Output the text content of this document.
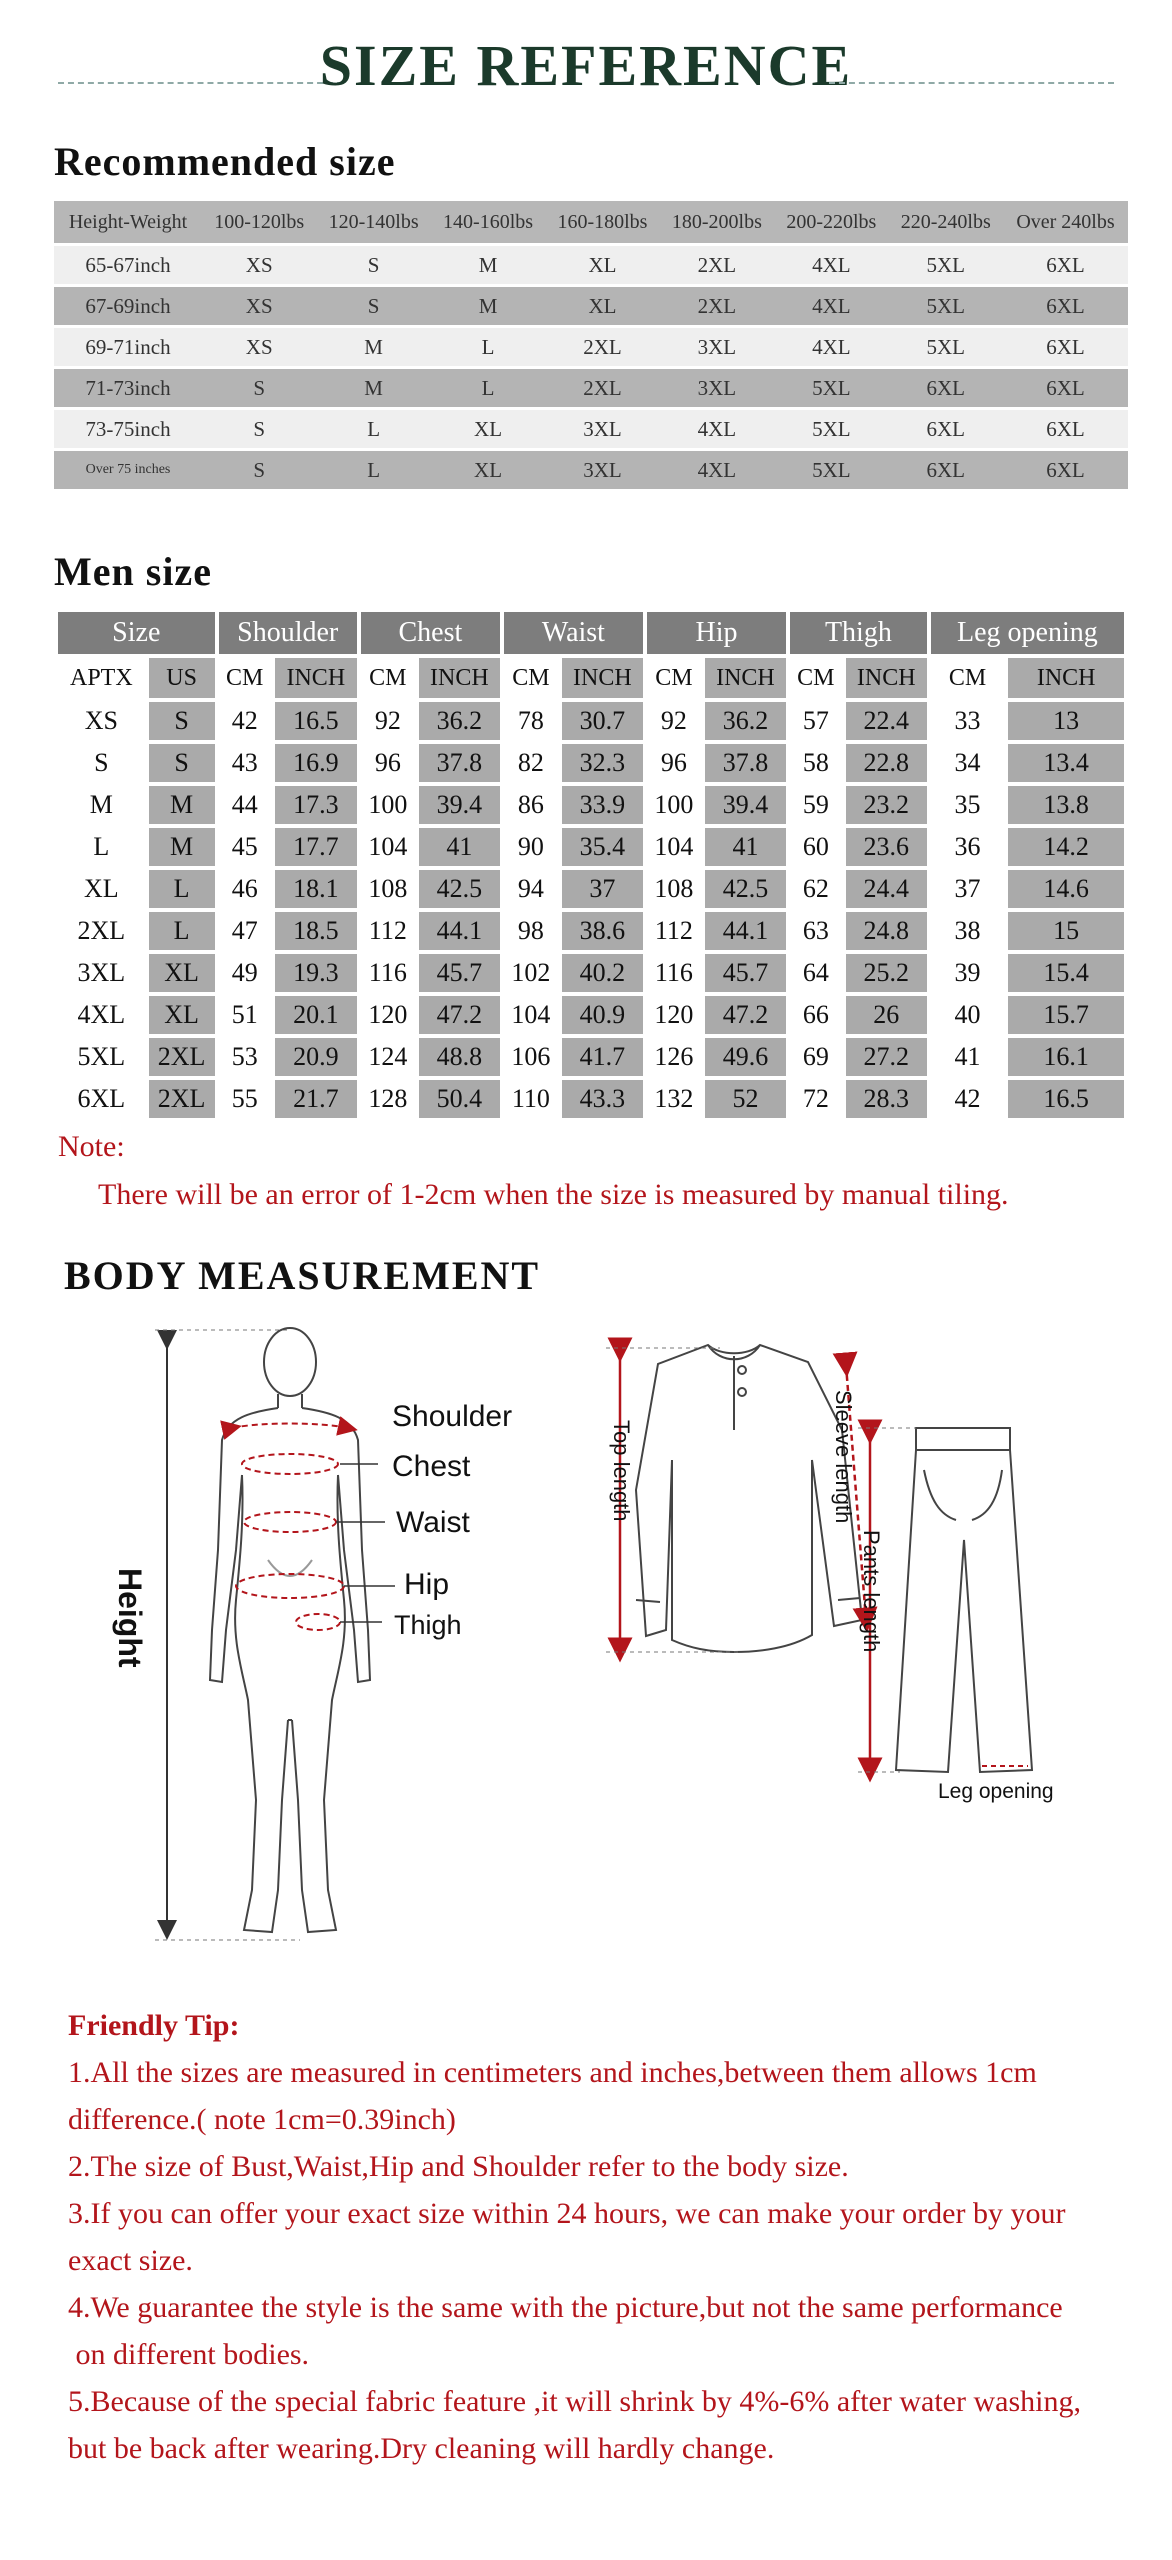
SIZE REFERENCE
Recommended size
Height-Weight	100-120lbs	120-140lbs	140-160lbs	160-180lbs	180-200lbs	200-220lbs	220-240lbs	Over 240lbs
65-67inch	XS	S	M	XL	2XL	4XL	5XL	6XL
67-69inch	XS	S	M	XL	2XL	4XL	5XL	6XL
69-71inch	XS	M	L	2XL	3XL	4XL	5XL	6XL
71-73inch	S	M	L	2XL	3XL	5XL	6XL	6XL
73-75inch	S	L	XL	3XL	4XL	5XL	6XL	6XL
Over 75 inches	S	L	XL	3XL	4XL	5XL	6XL	6XL
Men size
Size		Shoulder		Chest		Waist		Hip		Thigh		Leg opening	
APTX	US	CM	INCH	CM	INCH	CM	INCH	CM	INCH	CM	INCH	CM	INCH
XS	S	42	16.5	92	36.2	78	30.7	92	36.2	57	22.4	33	13
S	S	43	16.9	96	37.8	82	32.3	96	37.8	58	22.8	34	13.4
M	M	44	17.3	100	39.4	86	33.9	100	39.4	59	23.2	35	13.8
L	M	45	17.7	104	41	90	35.4	104	41	60	23.6	36	14.2
XL	L	46	18.1	108	42.5	94	37	108	42.5	62	24.4	37	14.6
2XL	L	47	18.5	112	44.1	98	38.6	112	44.1	63	24.8	38	15
3XL	XL	49	19.3	116	45.7	102	40.2	116	45.7	64	25.2	39	15.4
4XL	XL	51	20.1	120	47.2	104	40.9	120	47.2	66	26	40	15.7
5XL	2XL	53	20.9	124	48.8	106	41.7	126	49.6	69	27.2	41	16.1
6XL	2XL	55	21.7	128	50.4	110	43.3	132	52	72	28.3	42	16.5
Note:
There will be an error of 1-2cm when the size is measured by manual tiling.
BODY MEASUREMENT
Shoulder
Chest
Waist
Hip
Thigh
Height
Top length	Sleeve length
Pants length
Leg opening
Friendly Tip:
1.All the sizes are measured in centimeters and inches,between them allows 1cm
difference.( note 1cm=0.39inch)
2.The size of Bust,Waist,Hip and Shoulder refer to the body size.
3.If you can offer your exact size within 24 hours, we can make your order by your
exact size.
4.We guarantee the style is the same with the picture,but not the same performance
on different bodies.
5.Because of the special fabric feature ,it will shrink by 4%-6% after water washing,
but be back after wearing.Dry cleaning will hardly change.
